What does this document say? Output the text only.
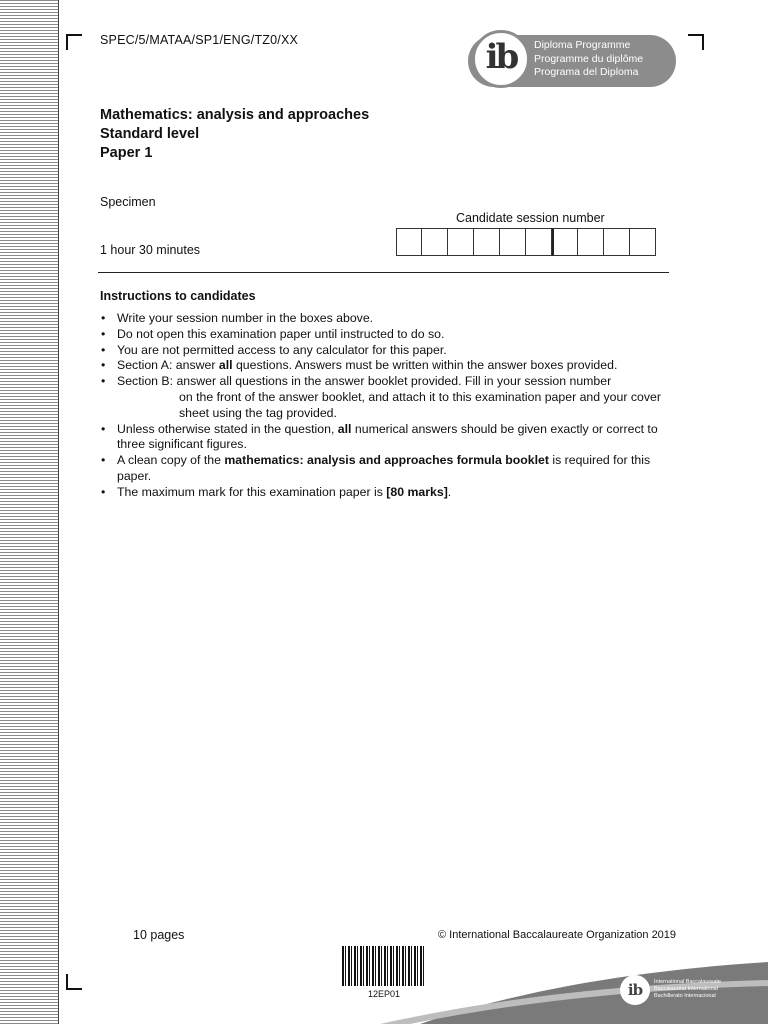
SPEC/5/MATAA/SP1/ENG/TZ0/XX	ib Diploma Programme
Programme du diplôme
Programa del Diploma
Mathematics: analysis and approaches
Standard level
Paper 1
Specimen
1 hour 30 minutes
Candidate session number
Instructions to candidates
• Write your session number in the boxes above.
• Do not open this examination paper until instructed to do so.
• You are not permitted access to any calculator for this paper.
• Section A: answer all questions. Answers must be written within the answer boxes provided.
• Section B: answer all questions in the answer booklet provided. Fill in your session number
on the front of the answer booklet, and attach it to this examination paper and your cover sheet using the tag provided.
• Unless otherwise stated in the question, all numerical answers should be given exactly or correct to three significant figures.
• A clean copy of the mathematics: analysis and approaches formula booklet is required for this paper.
• The maximum mark for this examination paper is [80 marks].
10 pages	© International Baccalaureate Organization 2019
ib International Baccalaureate
Baccalauréat International
Bachillerato Internacional
12EP01
